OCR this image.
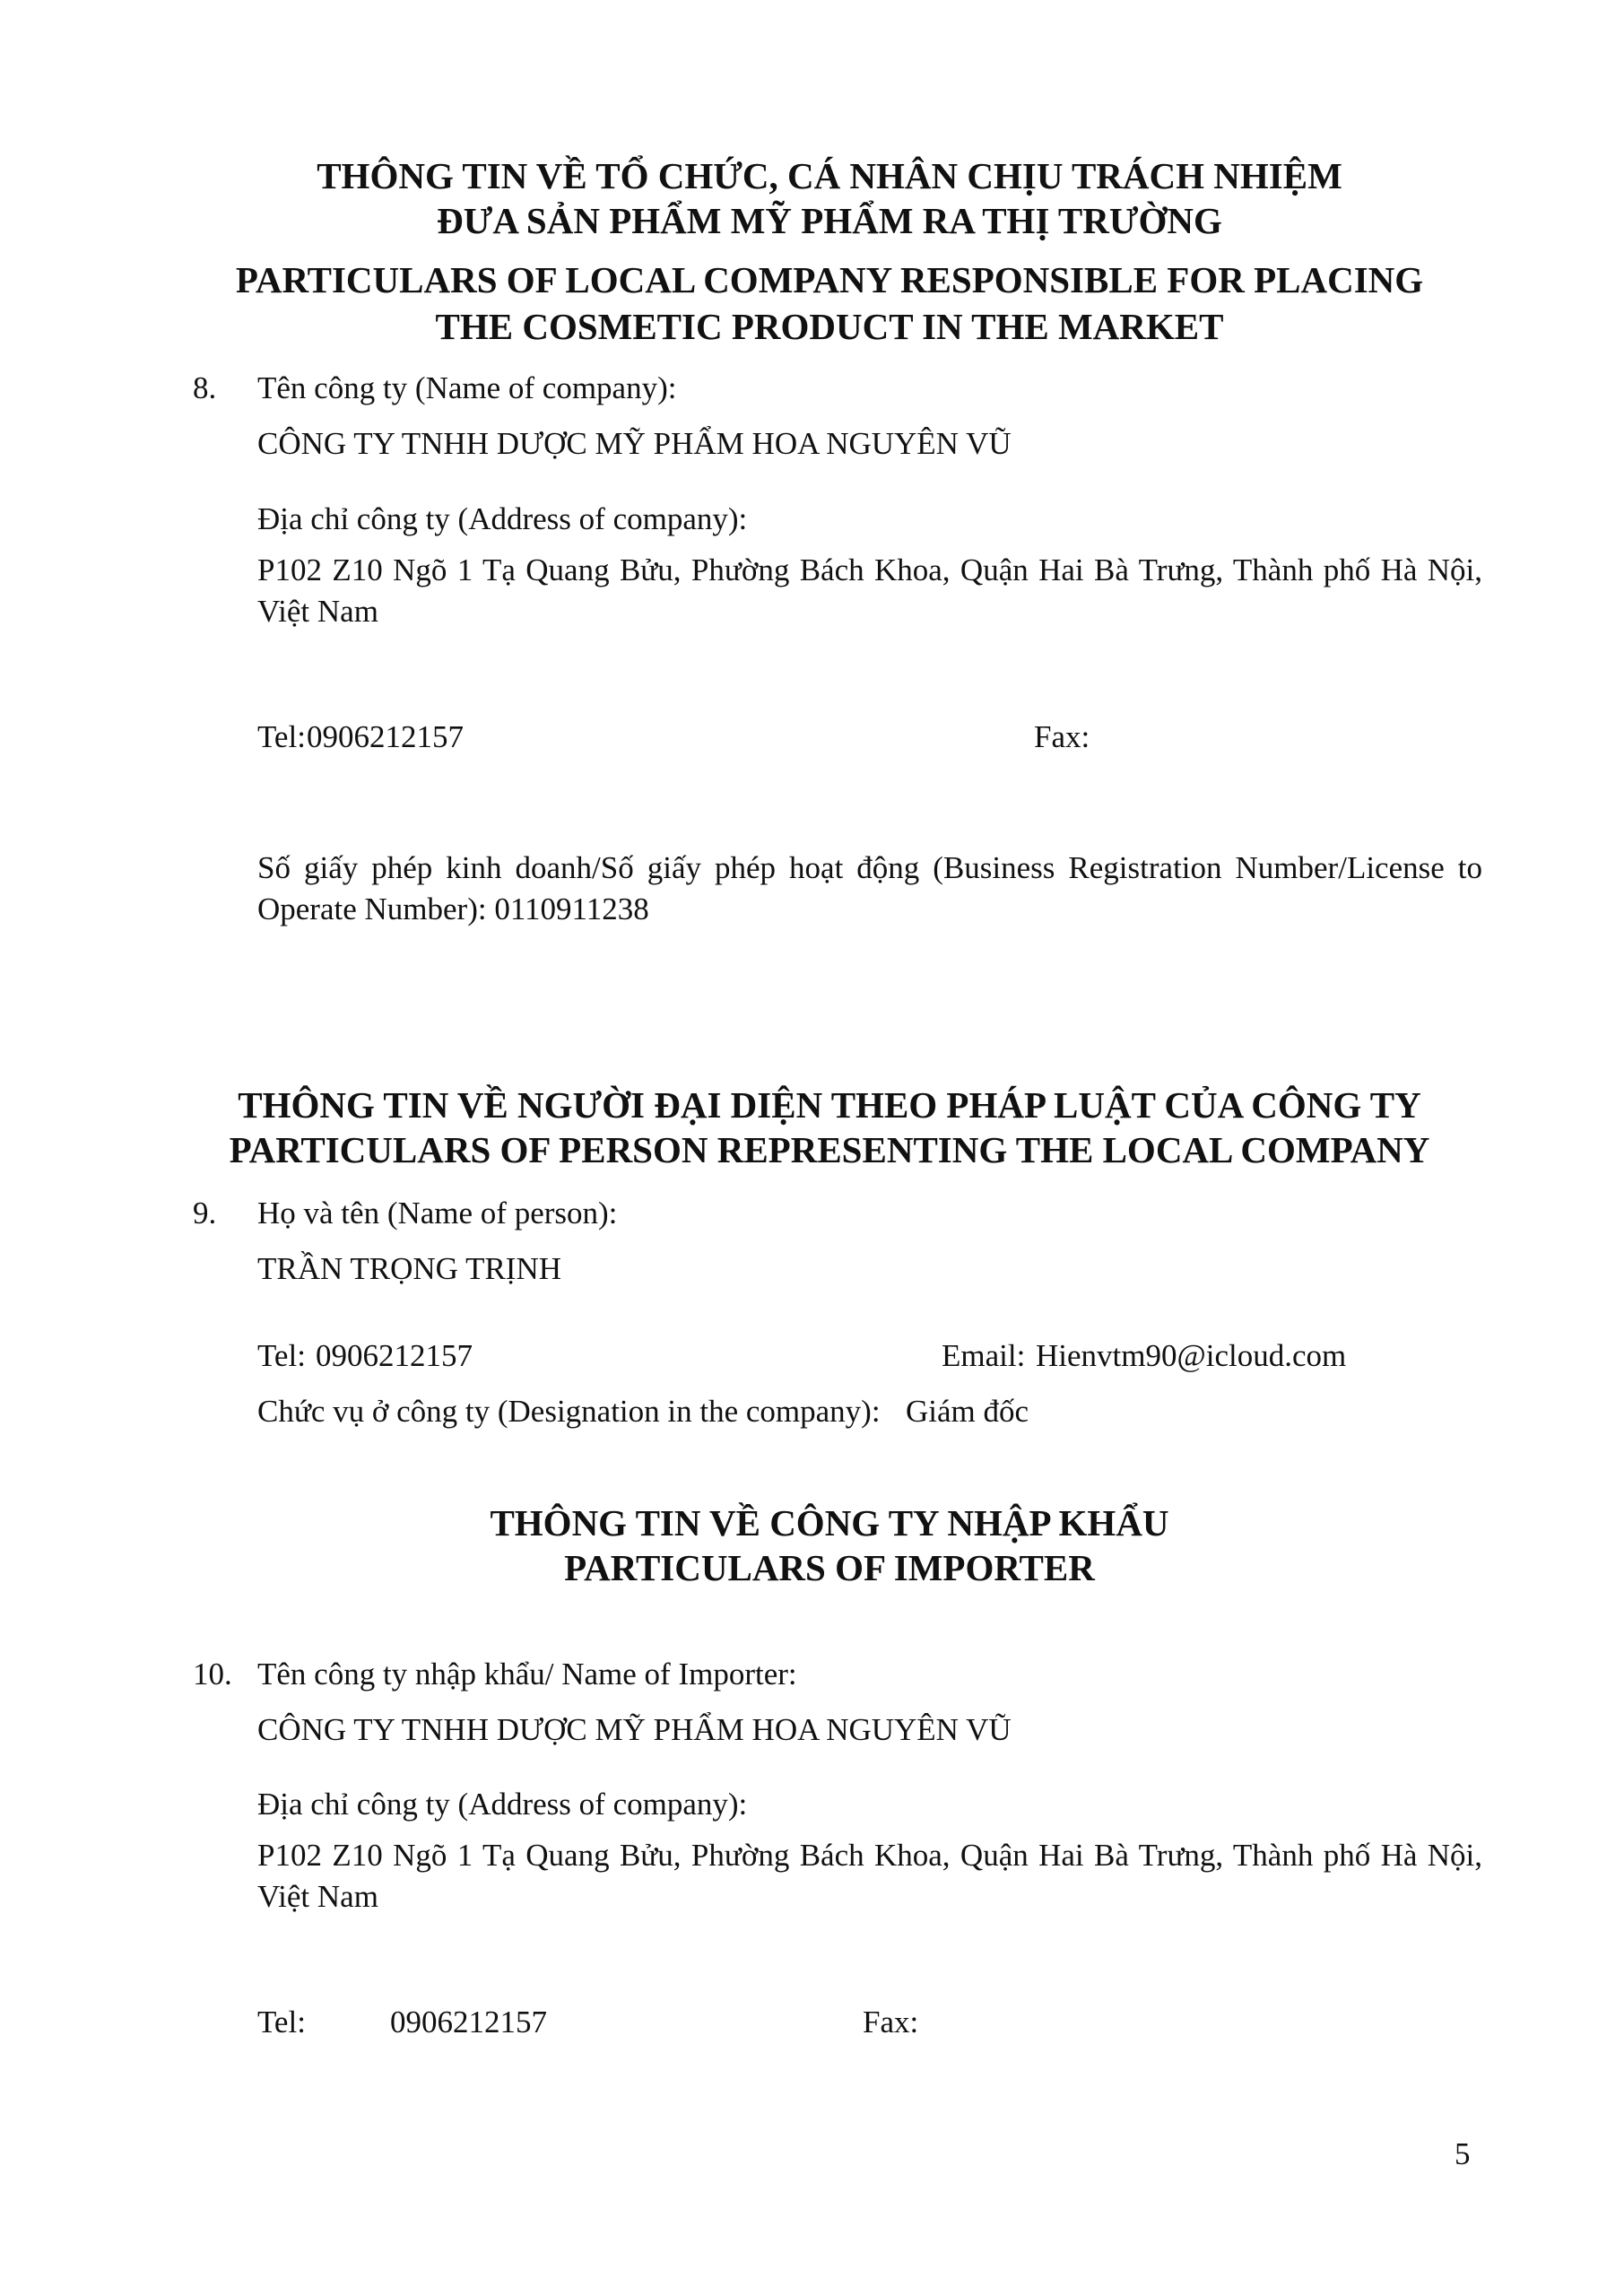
THÔNG TIN VỀ TỔ CHỨC, CÁ NHÂN CHỊU TRÁCH NHIỆM
ĐƯA SẢN PHẨM MỸ PHẨM RA THỊ TRƯỜNG
PARTICULARS OF LOCAL COMPANY RESPONSIBLE FOR PLACING
THE COSMETIC PRODUCT IN THE MARKET
8. Tên công ty (Name of company):
CÔNG TY TNHH DƯỢC MỸ PHẨM HOA NGUYÊN VŨ
Địa chỉ công ty (Address of company):
P102 Z10 Ngõ 1 Tạ Quang Bửu, Phường Bách Khoa, Quận Hai Bà Trưng, Thành phố Hà Nội, Việt Nam
Tel: 0906212157	Fax:
Số giấy phép kinh doanh/Số giấy phép hoạt động (Business Registration Number/License to Operate Number): 0110911238
THÔNG TIN VỀ NGƯỜI ĐẠI DIỆN THEO PHÁP LUẬT CỦA CÔNG TY
PARTICULARS OF PERSON REPRESENTING THE LOCAL COMPANY
9. Họ và tên (Name of person):
TRẦN TRỌNG TRỊNH
Tel: 0906212157	Email: Hienvtm90@icloud.com
Chức vụ ở công ty (Designation in the company): Giám đốc
THÔNG TIN VỀ CÔNG TY NHẬP KHẨU
PARTICULARS OF IMPORTER
10. Tên công ty nhập khẩu/ Name of Importer:
CÔNG TY TNHH DƯỢC MỸ PHẨM HOA NGUYÊN VŨ
Địa chỉ công ty (Address of company):
P102 Z10 Ngõ 1 Tạ Quang Bửu, Phường Bách Khoa, Quận Hai Bà Trưng, Thành phố Hà Nội, Việt Nam
Tel:	0906212157	Fax:
5
